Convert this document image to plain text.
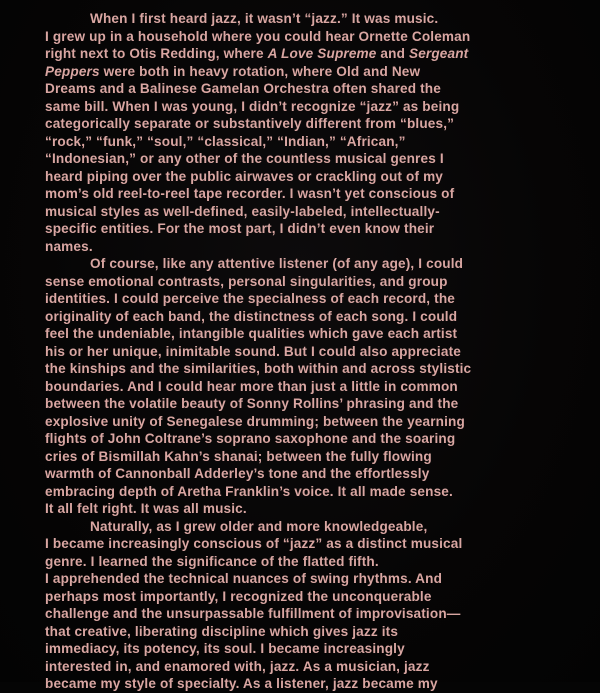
When I first heard jazz, it wasn’t “jazz.” It was music.
I grew up in a household where you could hear Ornette Coleman
right next to Otis Redding, where A Love Supreme and Sergeant
Peppers were both in heavy rotation, where Old and New
Dreams and a Balinese Gamelan Orchestra often shared the
same bill. When I was young, I didn’t recognize “jazz” as being
categorically separate or substantively different from “blues,”
“rock,” “funk,” “soul,” “classical,” “Indian,” “African,”
“Indonesian,” or any other of the countless musical genres I
heard piping over the public airwaves or crackling out of my
mom’s old reel-to-reel tape recorder. I wasn’t yet conscious of
musical styles as well-defined, easily-labeled, intellectually-
specific entities. For the most part, I didn’t even know their
names.
Of course, like any attentive listener (of any age), I could
sense emotional contrasts, personal singularities, and group
identities. I could perceive the specialness of each record, the
originality of each band, the distinctness of each song. I could
feel the undeniable, intangible qualities which gave each artist
his or her unique, inimitable sound. But I could also appreciate
the kinships and the similarities, both within and across stylistic
boundaries. And I could hear more than just a little in common
between the volatile beauty of Sonny Rollins’ phrasing and the
explosive unity of Senegalese drumming; between the yearning
flights of John Coltrane’s soprano saxophone and the soaring
cries of Bismillah Kahn’s shanai; between the fully flowing
warmth of Cannonball Adderley’s tone and the effortlessly
embracing depth of Aretha Franklin’s voice. It all made sense.
It all felt right. It was all music.
Naturally, as I grew older and more knowledgeable,
I became increasingly conscious of “jazz” as a distinct musical
genre. I learned the significance of the flatted fifth.
I apprehended the technical nuances of swing rhythms. And
perhaps most importantly, I recognized the unconquerable
challenge and the unsurpassable fulfillment of improvisation—
that creative, liberating discipline which gives jazz its
immediacy, its potency, its soul. I became increasingly
interested in, and enamored with, jazz. As a musician, jazz
became my style of specialty. As a listener, jazz became my
